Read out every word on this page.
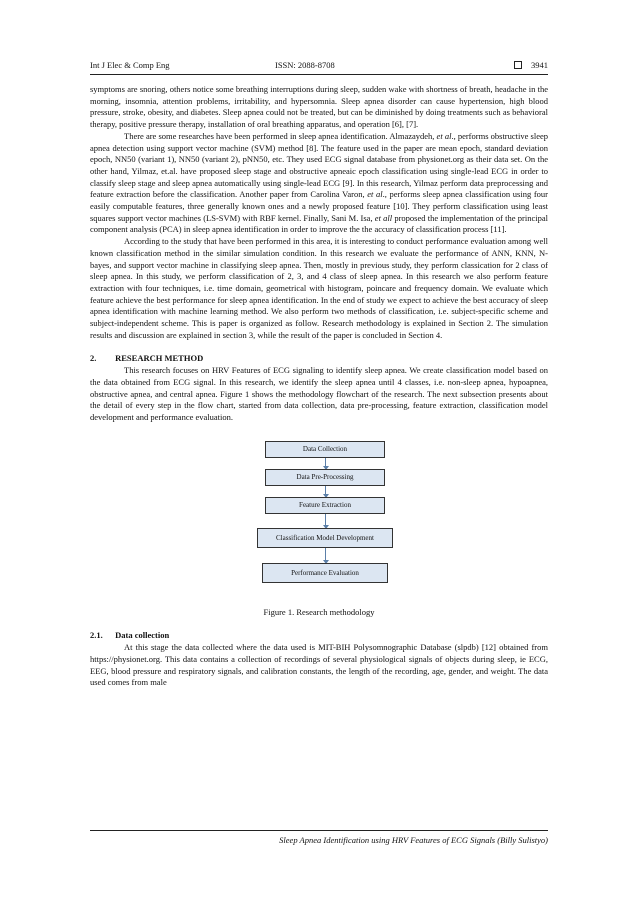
Int J Elec & Comp Eng	ISSN: 2088-8708	3941

symptoms are snoring, others notice some breathing interruptions during sleep, sudden wake with shortness of breath, headache in the morning, insomnia, attention problems, irritability, and hypersomnia. Sleep apnea disorder can cause hypertension, high blood pressure, stroke, obesity, and diabetes. Sleep apnea could not be treated, but can be diminished by doing treatments such as behavioral therapy, positive pressure therapy, installation of oral breathing apparatus, and operation [6], [7].

There are some researches have been performed in sleep apnea identification. Almazaydeh, et al., performs obstructive sleep apnea detection using support vector machine (SVM) method [8]. The feature used in the paper are mean epoch, standard deviation epoch, NN50 (variant 1), NN50 (variant 2), pNN50, etc. They used ECG signal database from physionet.org as their data set. On the other hand, Yilmaz, et.al. have proposed sleep stage and obstructive apneaic epoch classification using single-lead ECG in order to classify sleep stage and sleep apnea automatically using single-lead ECG [9]. In this research, Yilmaz perform data preprocessing and feature extraction before the classification. Another paper from Carolina Varon, et al., performs sleep apnea classification using four easily computable features, three generally known ones and a newly proposed feature [10]. They perform classification using least squares support vector machines (LS-SVM) with RBF kernel. Finally, Sani M. Isa, et all proposed the implementation of the principal component analysis (PCA) in sleep apnea identification in order to improve the the accuracy of classification process [11].

According to the study that have been performed in this area, it is interesting to conduct performance evaluation among well known classification method in the similar simulation condition. In this research we evaluate the performance of ANN, KNN, N-bayes, and support vector machine in classifying sleep apnea. Then, mostly in previous study, they perform classication for 2 class of sleep apnea. In this study, we perform classification of 2, 3, and 4 class of sleep apnea. In this research we also perform feature extraction with four techniques, i.e. time domain, geometrical with histogram, poincare and frequency domain. We evaluate which feature achieve the best performance for sleep apnea identification. In the end of study we expect to achieve the best accuracy of sleep apnea identification with machine learning method. We also perform two methods of classification, i.e. subject-specific scheme and subject-independent scheme. This is paper is organized as follow. Research methodology is explained in Section 2. The simulation results and discussion are explained in section 3, while the result of the paper is concluded in Section 4.

2. RESEARCH METHOD

This research focuses on HRV Features of ECG signaling to identify sleep apnea. We create classification model based on the data obtained from ECG signal. In this research, we identify the sleep apnea until 4 classes, i.e. non-sleep apnea, hypoapnea, obstructive apnea, and central apnea. Figure 1 shows the methodology flowchart of the research. The next subsection presents about the detail of every step in the flow chart, started from data collection, data pre-processing, feature extraction, classification model development and performance evaluation.

Data Collection
Data Pre-Processing
Feature Extraction
Classification Model Development
Performance Evaluation

Figure 1. Research methodology

2.1. Data collection

At this stage the data collected where the data used is MIT-BIH Polysomnographic Database (slpdb) [12] obtained from https://physionet.org. This data contains a collection of recordings of several physiological signals of objects during sleep, ie ECG, EEG, blood pressure and respiratory signals, and calibration constants, the length of the recording, age, gender, and weight. The data used comes from male

Sleep Apnea Identification using HRV Features of ECG Signals (Billy Sulistyo)
